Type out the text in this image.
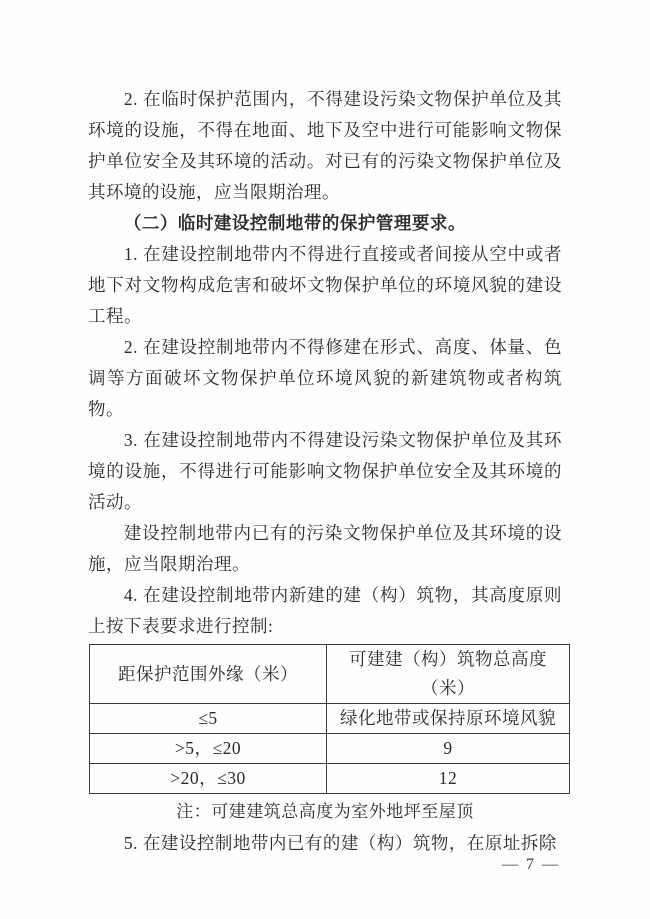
2. 在临时保护范围内，不得建设污染文物保护单位及其环境的设施，不得在地面、地下及空中进行可能影响文物保护单位安全及其环境的活动。对已有的污染文物保护单位及其环境的设施，应当限期治理。

（二）临时建设控制地带的保护管理要求。

1. 在建设控制地带内不得进行直接或者间接从空中或者地下对文物构成危害和破坏文物保护单位的环境风貌的建设工程。

2. 在建设控制地带内不得修建在形式、高度、体量、色调等方面破坏文物保护单位环境风貌的新建筑物或者构筑物。

3. 在建设控制地带内不得建设污染文物保护单位及其环境的设施，不得进行可能影响文物保护单位安全及其环境的活动。

建设控制地带内已有的污染文物保护单位及其环境的设施，应当限期治理。

4. 在建设控制地带内新建的建（构）筑物，其高度原则上按下表要求进行控制:

距保护范围外缘（米）	可建建（构）筑物总高度（米）
≤5	绿化地带或保持原环境风貌
>5，≤20	9
>20，≤30	12

注：可建建筑总高度为室外地坪至屋顶

5. 在建设控制地带内已有的建（构）筑物，在原址拆除

— 7 —
